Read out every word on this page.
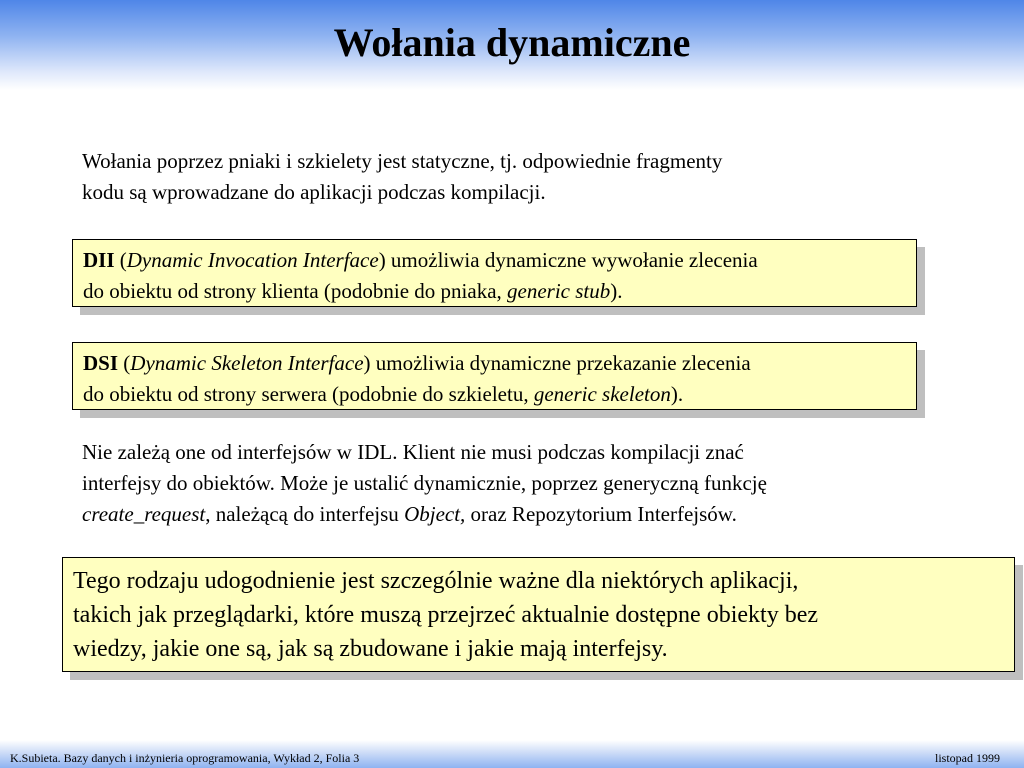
Wołania dynamiczne

Wołania poprzez pniaki i szkielety jest statyczne, tj. odpowiednie fragmenty
kodu są wprowadzane do aplikacji podczas kompilacji.

DII (Dynamic Invocation Interface) umożliwia dynamiczne wywołanie zlecenia
do obiektu od strony klienta (podobnie do pniaka, generic stub).
DSI (Dynamic Skeleton Interface) umożliwia dynamiczne przekazanie zlecenia
do obiektu od strony serwera (podobnie do szkieletu, generic skeleton).

Nie zależą one od interfejsów w IDL. Klient nie musi podczas kompilacji znać
interfejsy do obiektów. Może je ustalić dynamicznie, poprzez generyczną funkcję
create_request, należącą do interfejsu Object, oraz Repozytorium Interfejsów.

Tego rodzaju udogodnienie jest szczególnie ważne dla niektórych aplikacji,
takich jak przeglądarki, które muszą przejrzeć aktualnie dostępne obiekty bez
wiedzy, jakie one są, jak są zbudowane i jakie mają interfejsy.
K.Subieta. Bazy danych i inżynieria oprogramowania, Wykład 2, Folia 3	listopad 1999
